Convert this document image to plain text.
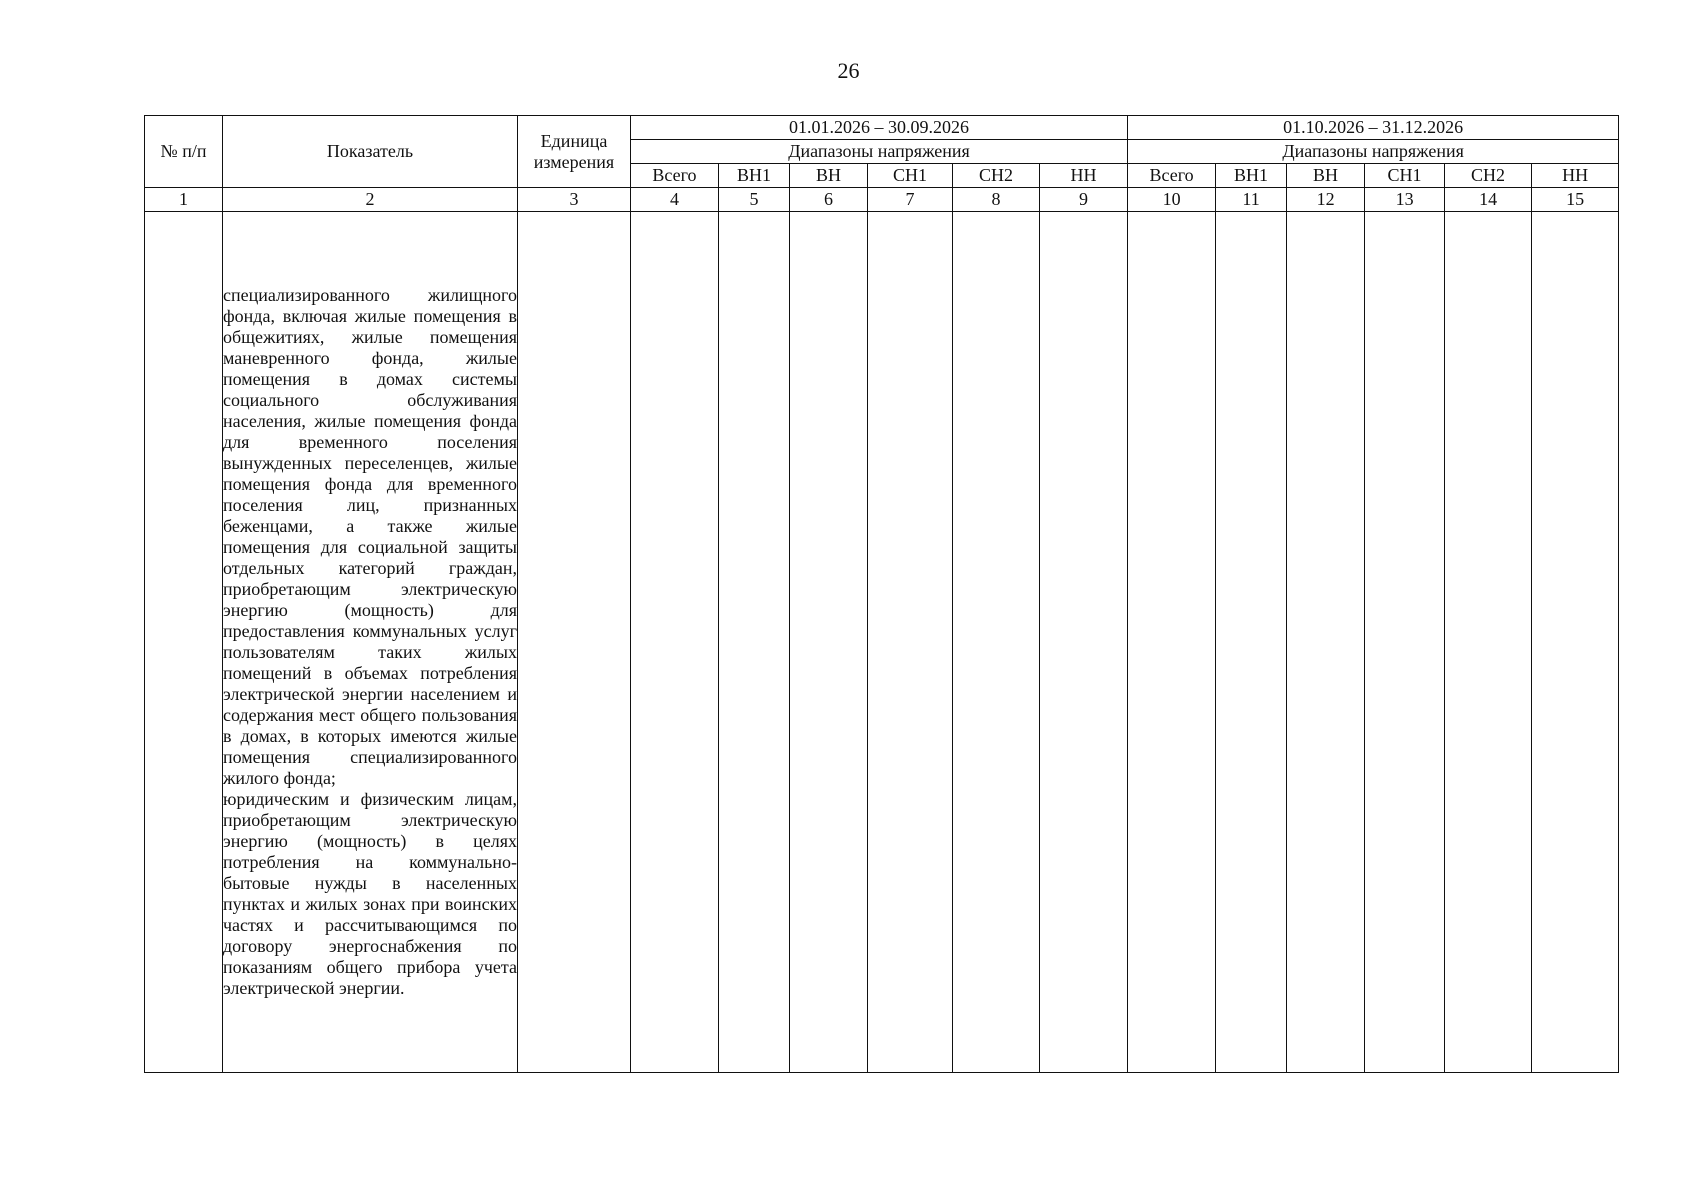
26
№ п/п	Показатель	Единица измерения	01.01.2026 – 30.09.2026						01.10.2026 – 31.12.2026					
			Диапазоны напряжения						Диапазоны напряжения					
			Всего	ВН1	ВН	СН1	СН2	НН	Всего	ВН1	ВН	СН1	СН2	НН
1	2	3	4	5	6	7	8	9	10	11	12	13	14	15

	специализированного жилищного фонда, включая жилые помещения в общежитиях, жилые помещения маневренного фонда, жилые помещения в домах системы социального обслуживания населения, жилые помещения фонда для временного поселения вынужденных переселенцев, жилые помещения фонда для временного поселения лиц, признанных беженцами, а также жилые помещения для социальной защиты отдельных категорий граждан, приобретающим электрическую энергию (мощность) для предоставления коммунальных услуг пользователям таких жилых помещений в объемах потребления электрической энергии населением и содержания мест общего пользования в домах, в которых имеются жилые помещения специализированного жилого фонда;

юридическим и физическим лицам, приобретающим электрическую энергию (мощность) в целях потребления на коммунально-бытовые нужды в населенных пунктах и жилых зонах при воинских частях и рассчитывающимся по договору энергоснабжения по показаниям общего прибора учета электрической энергии.													
